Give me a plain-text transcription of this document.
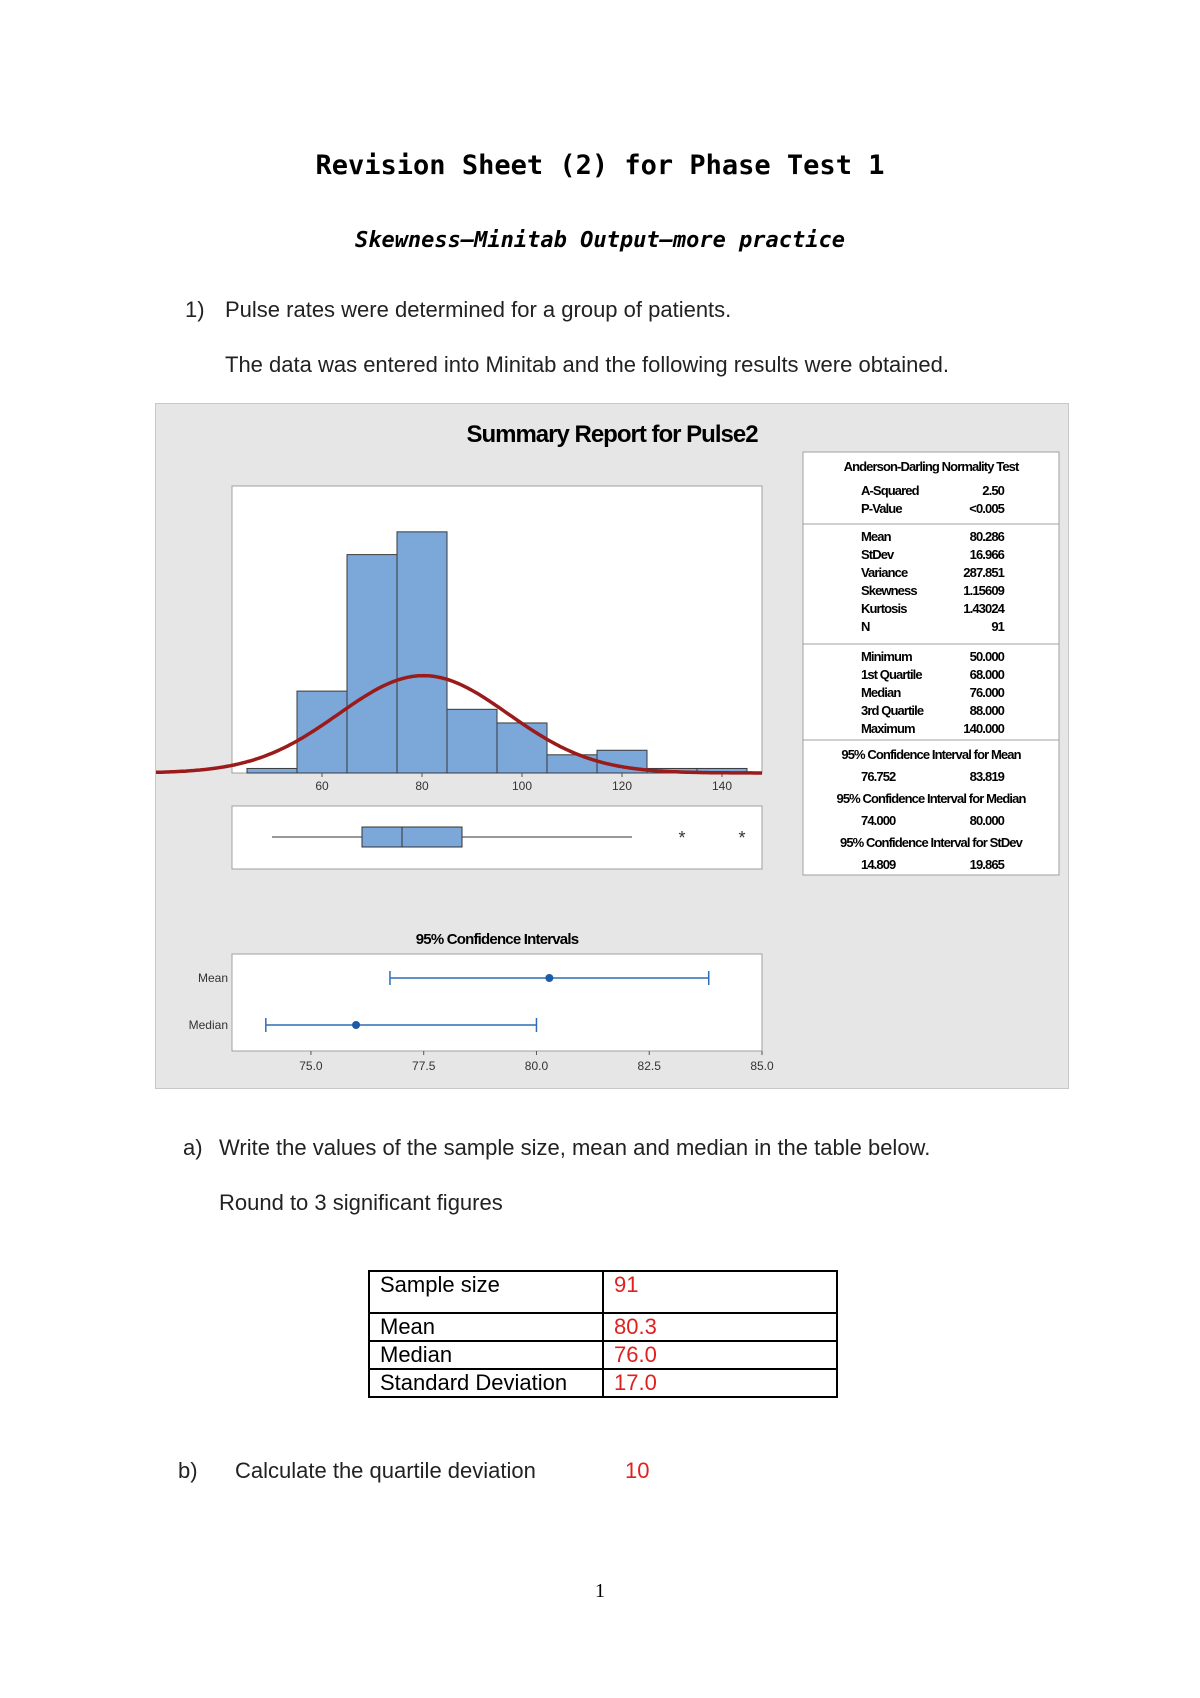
Revision Sheet (2) for Phase Test 1
Skewness—Minitab Output—more practice
1) Pulse rates were determined for a group of patients.
The data was entered into Minitab and the following results were obtained.
Summary Report for Pulse2
60	80	100	120	140
*	*
95% Confidence Intervals
Mean
Median
75.0	77.5	80.0	82.5	85.0
Anderson-Darling Normality Test
A-Squared	2.50
P-Value	<0.005
Mean	80.286
StDev	16.966
Variance	287.851
Skewness	1.15609
Kurtosis	1.43024
N	91
Minimum	50.000
1st Quartile	68.000
Median	76.000
3rd Quartile	88.000
Maximum	140.000
95% Confidence Interval for Mean
76.752	83.819
95% Confidence Interval for Median
74.000	80.000
95% Confidence Interval for StDev
14.809	19.865
a) Write the values of the sample size, mean and median in the table below.
Round to 3 significant figures
Sample size	91
Mean	80.3
Median	76.0
Standard Deviation	17.0
b) Calculate the quartile deviation	10
1
